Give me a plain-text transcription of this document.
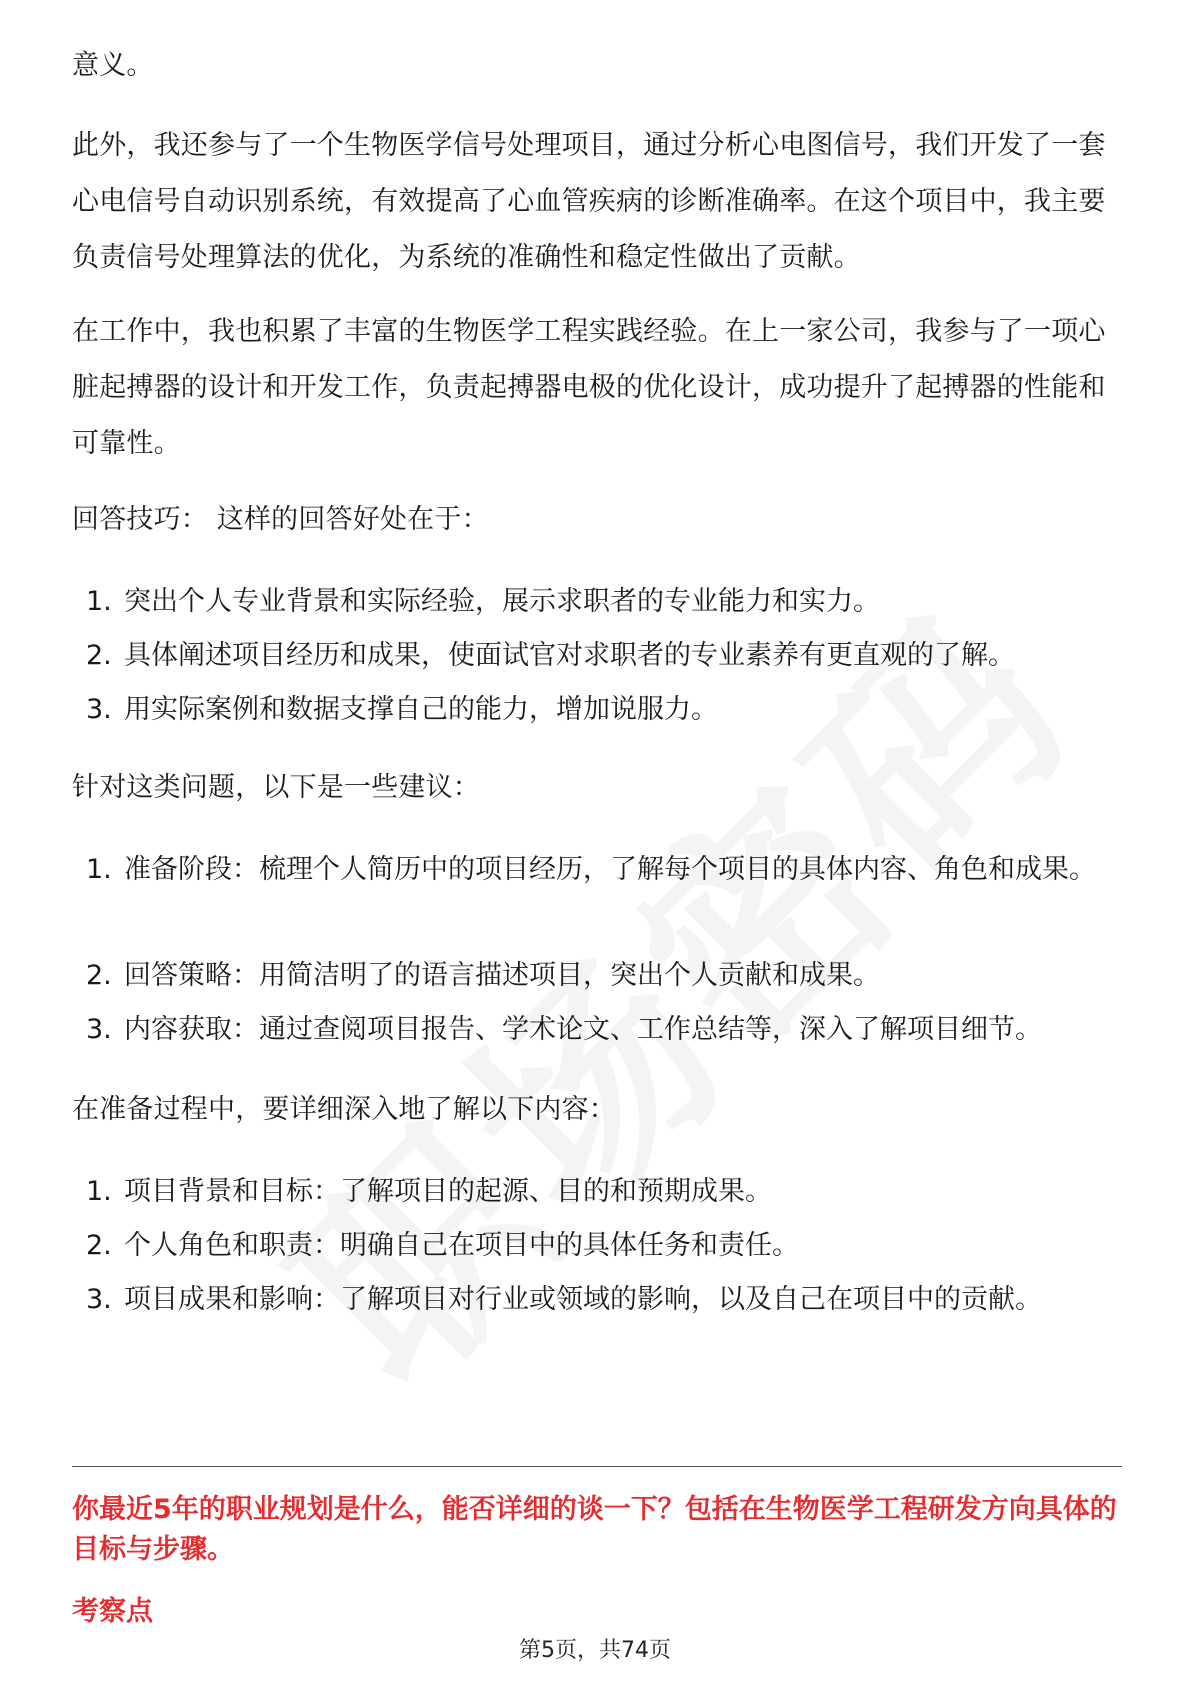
意义。

此外，我还参与了一个生物医学信号处理项目，通过分析心电图信号，我们开发了一套心电信号自动识别系统，有效提高了心血管疾病的诊断准确率。在这个项目中，我主要负责信号处理算法的优化，为系统的准确性和稳定性做出了贡献。

在工作中，我也积累了丰富的生物医学工程实践经验。在上一家公司，我参与了一项心脏起搏器的设计和开发工作，负责起搏器电极的优化设计，成功提升了起搏器的性能和可靠性。

回答技巧： 这样的回答好处在于：

1. 突出个人专业背景和实际经验，展示求职者的专业能力和实力。
2. 具体阐述项目经历和成果，使面试官对求职者的专业素养有更直观的了解。
3. 用实际案例和数据支撑自己的能力，增加说服力。

针对这类问题，以下是一些建议：

1. 准备阶段：梳理个人简历中的项目经历，了解每个项目的具体内容、角色和成果。
2. 回答策略：用简洁明了的语言描述项目，突出个人贡献和成果。
3. 内容获取：通过查阅项目报告、学术论文、工作总结等，深入了解项目细节。

在准备过程中，要详细深入地了解以下内容：

1. 项目背景和目标：了解项目的起源、目的和预期成果。
2. 个人角色和职责：明确自己在项目中的具体任务和责任。
3. 项目成果和影响：了解项目对行业或领域的影响，以及自己在项目中的贡献。
你最近5年的职业规划是什么，能否详细的谈一下？包括在生物医学工程研发方向具体的目标与步骤。
考察点
第5页，共74页
